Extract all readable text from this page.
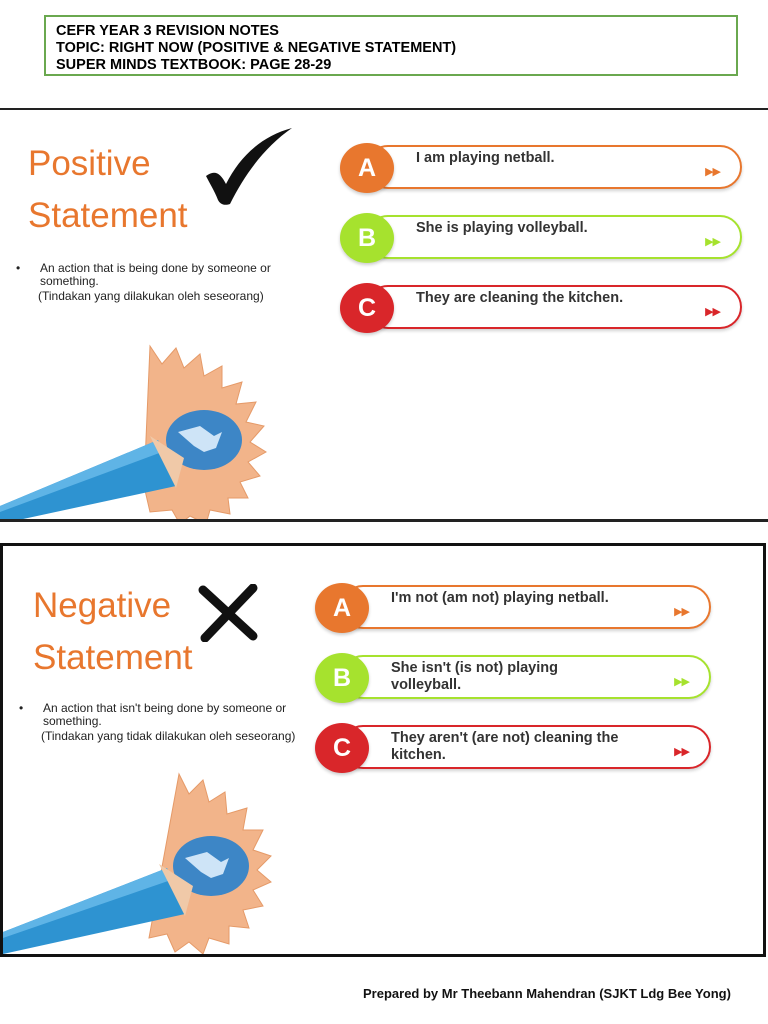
CEFR YEAR 3 REVISION NOTES
TOPIC: RIGHT NOW (POSITIVE & NEGATIVE STATEMENT)
SUPER MINDS TEXTBOOK: PAGE 28-29
Positive
Statement
• An action that is being done by someone or something.
(Tindakan yang dilakukan oleh seseorang)
A	I am playing netball.
▶▶
B	She is playing volleyball.
▶▶
C	They are cleaning the kitchen.
▶▶
Negative
Statement
• An action that isn't being done by someone or something.
(Tindakan yang tidak dilakukan oleh seseorang)
A	I'm not (am not) playing netball.
▶▶
B	She isn't (is not) playing volleyball.	▶▶
C	They aren't (are not) cleaning the kitchen.	▶▶
Prepared by Mr Theebann Mahendran (SJKT Ldg Bee Yong)
